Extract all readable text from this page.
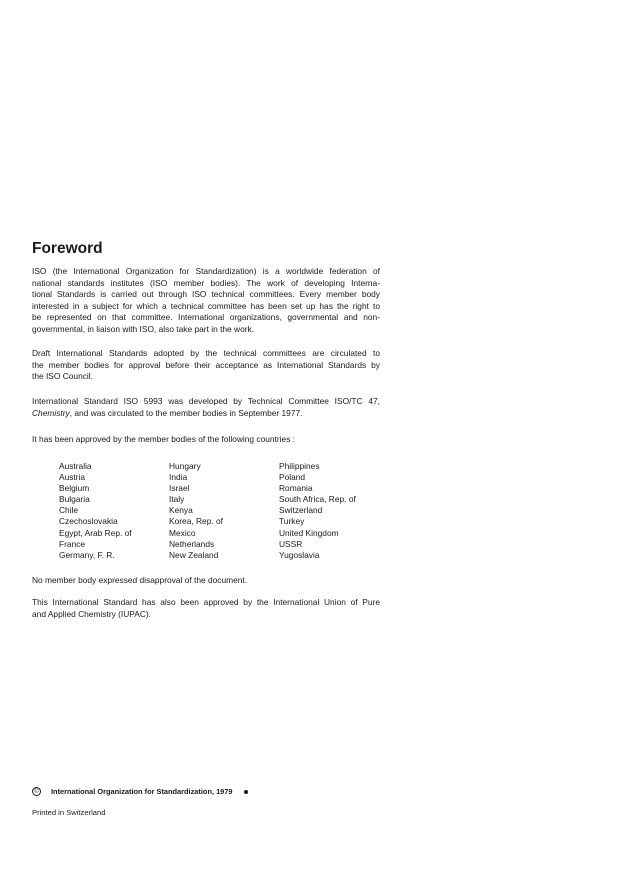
Foreword
ISO (the International Organization for Standardization) is a worldwide federation of
national standards institutes (ISO member bodies). The work of developing Interna-
tional Standards is carried out through ISO technical committees. Every member body
interested in a subject for which a technical committee has been set up has the right to
be represented on that committee. International organizations, governmental and non-
governmental, in liaison with ISO, also take part in the work.
Draft International Standards adopted by the technical committees are circulated to
the member bodies for approval before their acceptance as International Standards by
the ISO Council.
International Standard ISO 5993 was developed by Technical Committee ISO/TC 47,
Chemistry, and was circulated to the member bodies in September 1977.

It has been approved by the member bodies of the following countries :

Australia
Austria
Belgium
Bulgaria
Chile
Czechoslovakia
Egypt, Arab Rep. of
France
Germany, F. R.
Hungary
India
Israel
Italy
Kenya
Korea, Rep. of
Mexico
Netherlands
New Zealand
Philippines
Poland
Romania
South Africa, Rep. of
Switzerland
Turkey
United Kingdom
USSR
Yugoslavia

No member body expressed disapproval of the document.

This International Standard has also been approved by the International Union of Pure
and Applied Chemistry (IUPAC).
©	International Organization for Standardization, 1979

Printed in Switzerland
